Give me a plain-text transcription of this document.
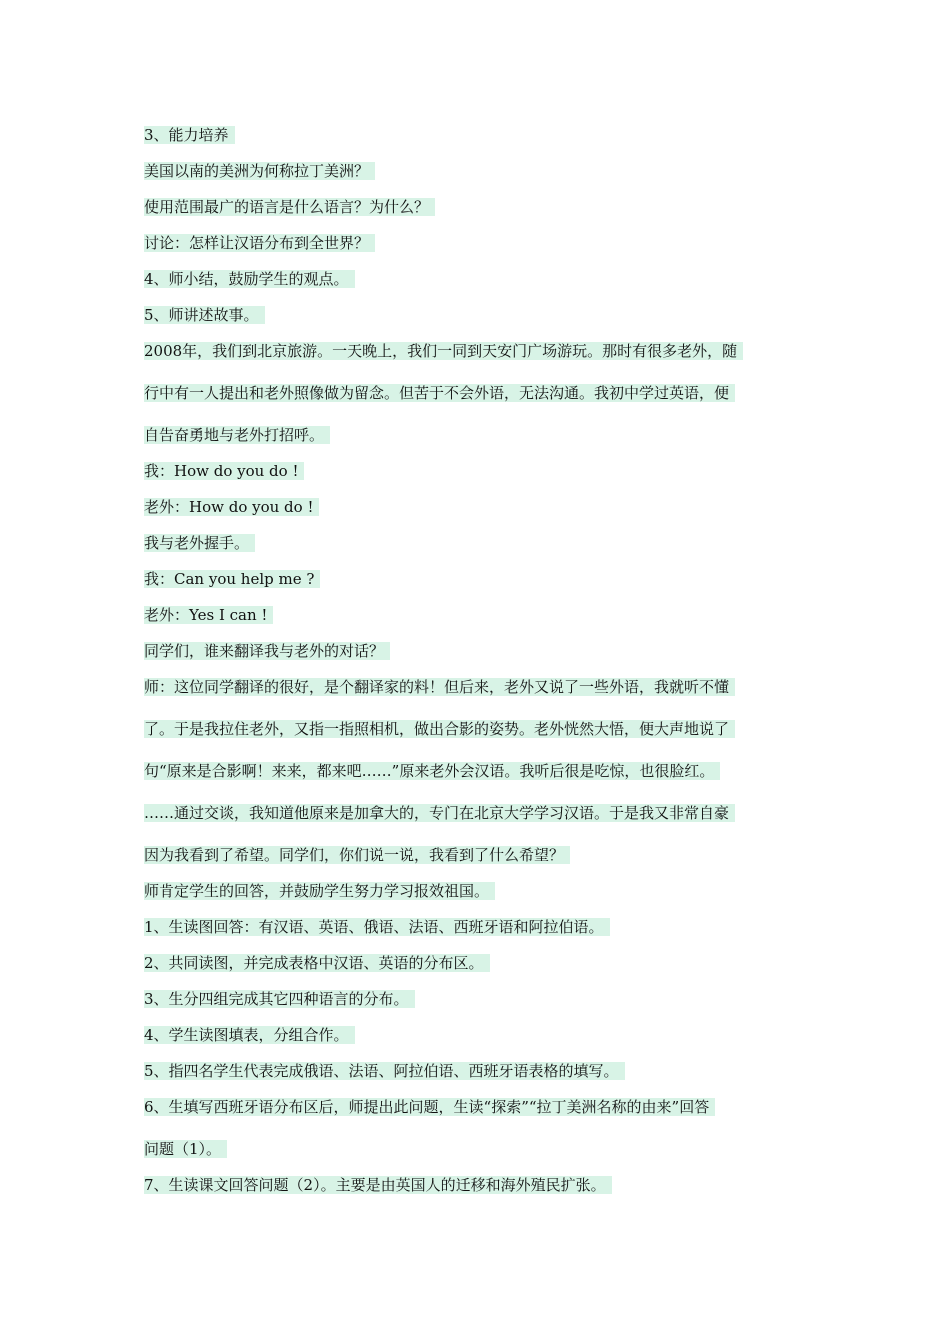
3、能力培养
美国以南的美洲为何称拉丁美洲？
使用范围最广的语言是什么语言？为什么？
讨论：怎样让汉语分布到全世界？
4、师小结，鼓励学生的观点。
5、师讲述故事。
2008年，我们到北京旅游。一天晚上，我们一同到天安门广场游玩。那时有很多老外，随
行中有一人提出和老外照像做为留念。但苦于不会外语，无法沟通。我初中学过英语，便
自告奋勇地与老外打招呼。
我：How do you do !
老外：How do you do !
我与老外握手。
我：Can you help me ?
老外：Yes I can !
同学们，谁来翻译我与老外的对话？
师：这位同学翻译的很好，是个翻译家的料！但后来，老外又说了一些外语，我就听不懂
了。于是我拉住老外，又指一指照相机，做出合影的姿势。老外恍然大悟，便大声地说了
句“原来是合影啊！来来，都来吧……”原来老外会汉语。我听后很是吃惊，也很脸红。
……通过交谈，我知道他原来是加拿大的，专门在北京大学学习汉语。于是我又非常自豪
因为我看到了希望。同学们，你们说一说，我看到了什么希望？
师肯定学生的回答，并鼓励学生努力学习报效祖国。
1、生读图回答：有汉语、英语、俄语、法语、西班牙语和阿拉伯语。
2、共同读图，并完成表格中汉语、英语的分布区。
3、生分四组完成其它四种语言的分布。
4、学生读图填表，分组合作。
5、指四名学生代表完成俄语、法语、阿拉伯语、西班牙语表格的填写。
6、生填写西班牙语分布区后，师提出此问题，生读“探索”“拉丁美洲名称的由来”回答
问题（1）。
7、生读课文回答问题（2）。主要是由英国人的迁移和海外殖民扩张。
